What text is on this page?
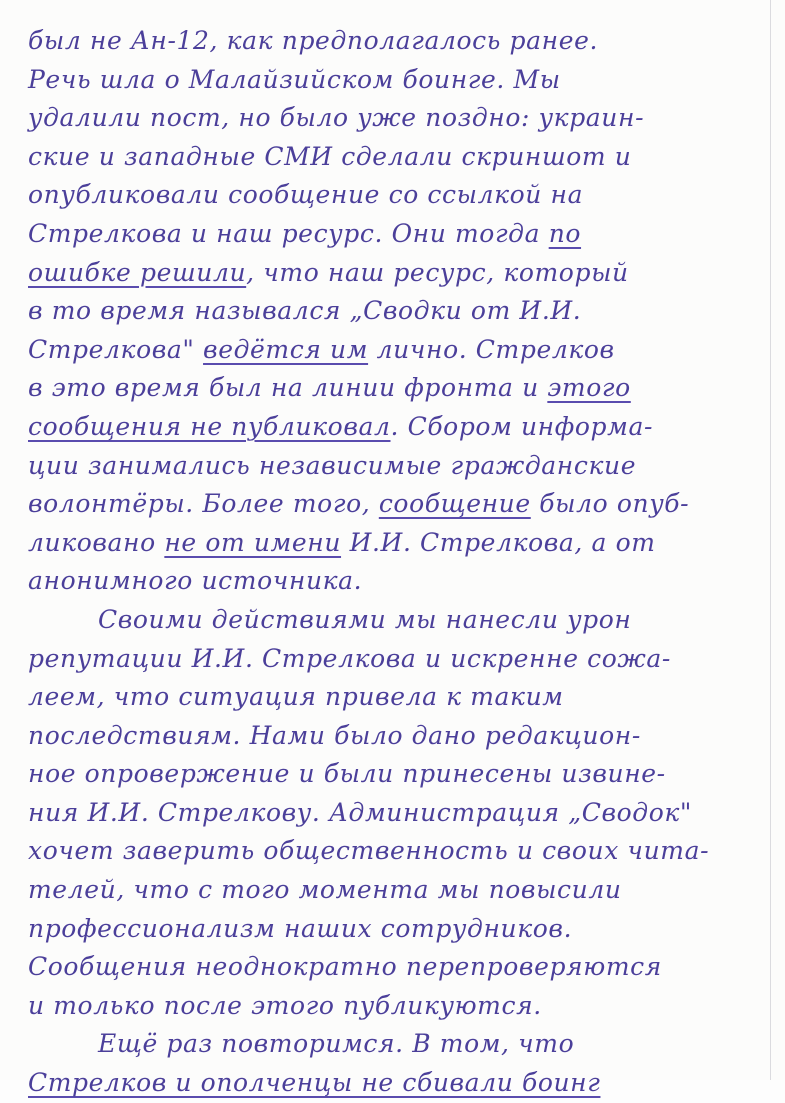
был не Ан-12, как предполагалось ранее.
Речь шла о Малайзийском боинге. Мы
удалили пост, но было уже поздно: украин-
ские и западные СМИ сделали скриншот и
опубликовали сообщение со ссылкой на
Стрелкова и наш ресурс. Они тогда по
ошибке решили, что наш ресурс, который
в то время назывался „Сводки от И.И.
Стрелкова" ведётся им лично. Стрелков
в это время был на линии фронта и этого
сообщения не публиковал. Сбором информа-
ции занимались независимые гражданские
волонтёры. Более того, сообщение было опуб-
ликовано не от имени И.И. Стрелкова, а от
анонимного источника.
Своими действиями мы нанесли урон
репутации И.И. Стрелкова и искренне сожа-
леем, что ситуация привела к таким
последствиям. Нами было дано редакцион-
ное опровержение и были принесены извине-
ния И.И. Стрелкову. Администрация „Сводок"
хочет заверить общественность и своих чита-
телей, что с того момента мы повысили
профессионализм наших сотрудников.
Сообщения неоднократно перепроверяются
и только после этого публикуются.
Ещё раз повторимся. В том, что
Стрелков и ополченцы не сбивали боинг
